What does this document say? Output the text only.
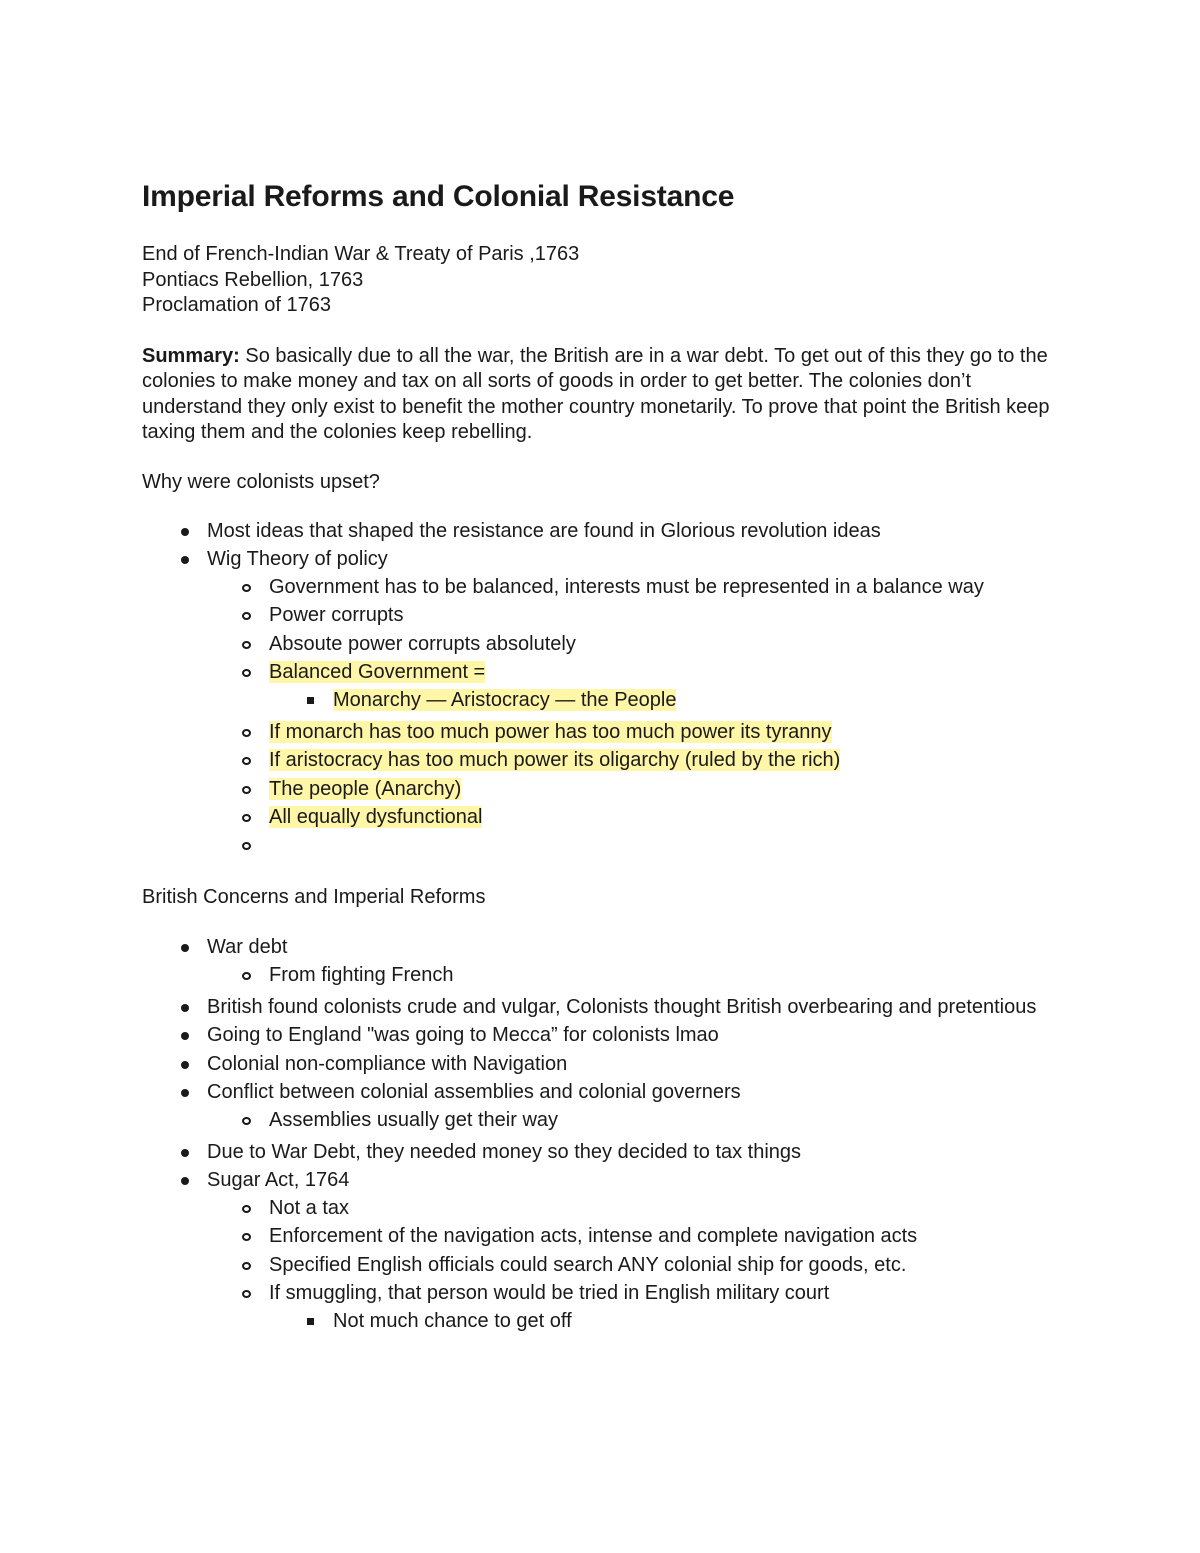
Imperial Reforms and Colonial Resistance
End of French-Indian War & Treaty of Paris ,1763
Pontiacs Rebellion, 1763
Proclamation of 1763
Summary: So basically due to all the war, the British are in a war debt. To get out of this they go to the colonies to make money and tax on all sorts of goods in order to get better. The colonies don’t understand they only exist to benefit the mother country monetarily. To prove that point the British keep taxing them and the colonies keep rebelling.
Why were colonists upset?
Most ideas that shaped the resistance are found in Glorious revolution ideas
Wig Theory of policy
Government has to be balanced, interests must be represented in a balance way
Power corrupts
Absoute power corrupts absolutely
Balanced Government =
Monarchy — Aristocracy — the People
If monarch has too much power has too much power its tyranny
If aristocracy has too much power its oligarchy (ruled by the rich)
The people (Anarchy)
All equally dysfunctional

British Concerns and Imperial Reforms
War debt
From fighting French
British found colonists crude and vulgar, Colonists thought British overbearing and pretentious
Going to England "was going to Mecca” for colonists lmao
Colonial non-compliance with Navigation
Conflict between colonial assemblies and colonial governers
Assemblies usually get their way
Due to War Debt, they needed money so they decided to tax things
Sugar Act, 1764
Not a tax
Enforcement of the navigation acts, intense and complete navigation acts
Specified English officials could search ANY colonial ship for goods, etc.
If smuggling, that person would be tried in English military court
Not much chance to get off
